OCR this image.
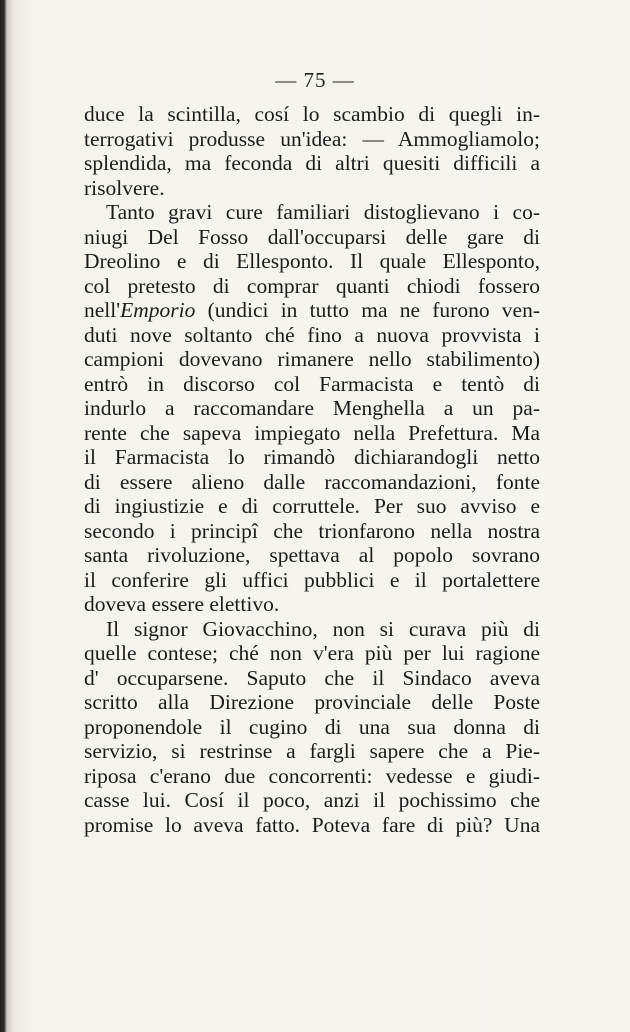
— 75 —

duce la scintilla, cosí lo scambio di quegli in-
terrogativi produsse un'idea: — Ammogliamolo;
splendida, ma feconda di altri quesiti difficili a
risolvere.

Tanto gravi cure familiari distoglievano i co-
niugi Del Fosso dall'occuparsi delle gare di
Dreolino e di Ellesponto. Il quale Ellesponto,
col pretesto di comprar quanti chiodi fossero
nell'Emporio (undici in tutto ma ne furono ven-
duti nove soltanto ché fino a nuova provvista i
campioni dovevano rimanere nello stabilimento)
entrò in discorso col Farmacista e tentò di
indurlo a raccomandare Menghella a un pa-
rente che sapeva impiegato nella Prefettura. Ma
il Farmacista lo rimandò dichiarandogli netto
di essere alieno dalle raccomandazioni, fonte
di ingiustizie e di corruttele. Per suo avviso e
secondo i principî che trionfarono nella nostra
santa rivoluzione, spettava al popolo sovrano
il conferire gli uffici pubblici e il portalettere
doveva essere elettivo.

Il signor Giovacchino, non si curava più di
quelle contese; ché non v'era più per lui ragione
d' occuparsene. Saputo che il Sindaco aveva
scritto alla Direzione provinciale delle Poste
proponendole il cugino di una sua donna di
servizio, si restrinse a fargli sapere che a Pie-
riposa c'erano due concorrenti: vedesse e giudi-
casse lui. Cosí il poco, anzi il pochissimo che
promise lo aveva fatto. Poteva fare di più? Una
